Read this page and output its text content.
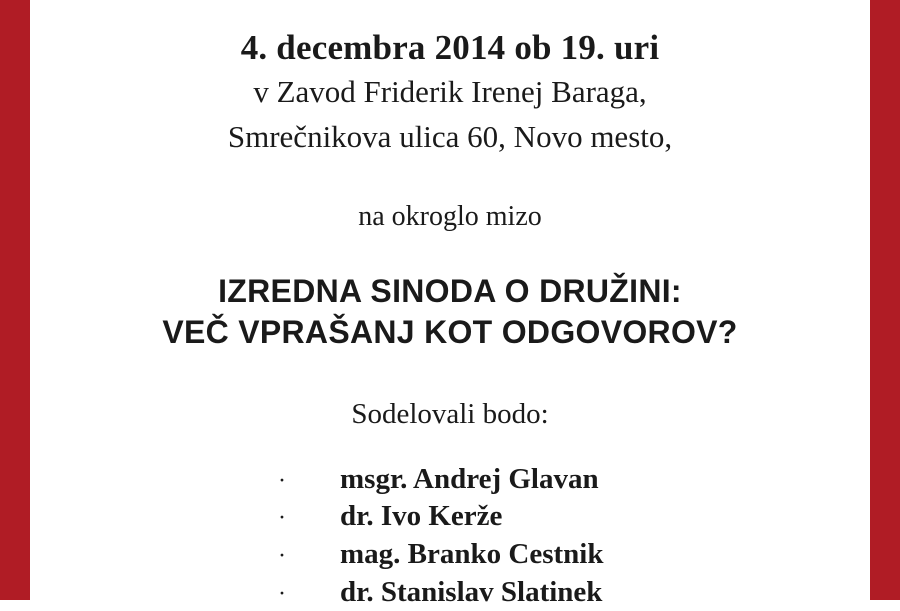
4. decembra 2014 ob 19. uri
v Zavod Friderik Irenej Baraga,
Smrečnikova ulica 60, Novo mesto,
na okroglo mizo
IZREDNA SINODA O DRUŽINI:
VEČ VPRAŠANJ KOT ODGOVOROV?
Sodelovali bodo:
·	msgr. Andrej Glavan
·	dr. Ivo Kerže
·	mag. Branko Cestnik
·	dr. Stanislav Slatinek
